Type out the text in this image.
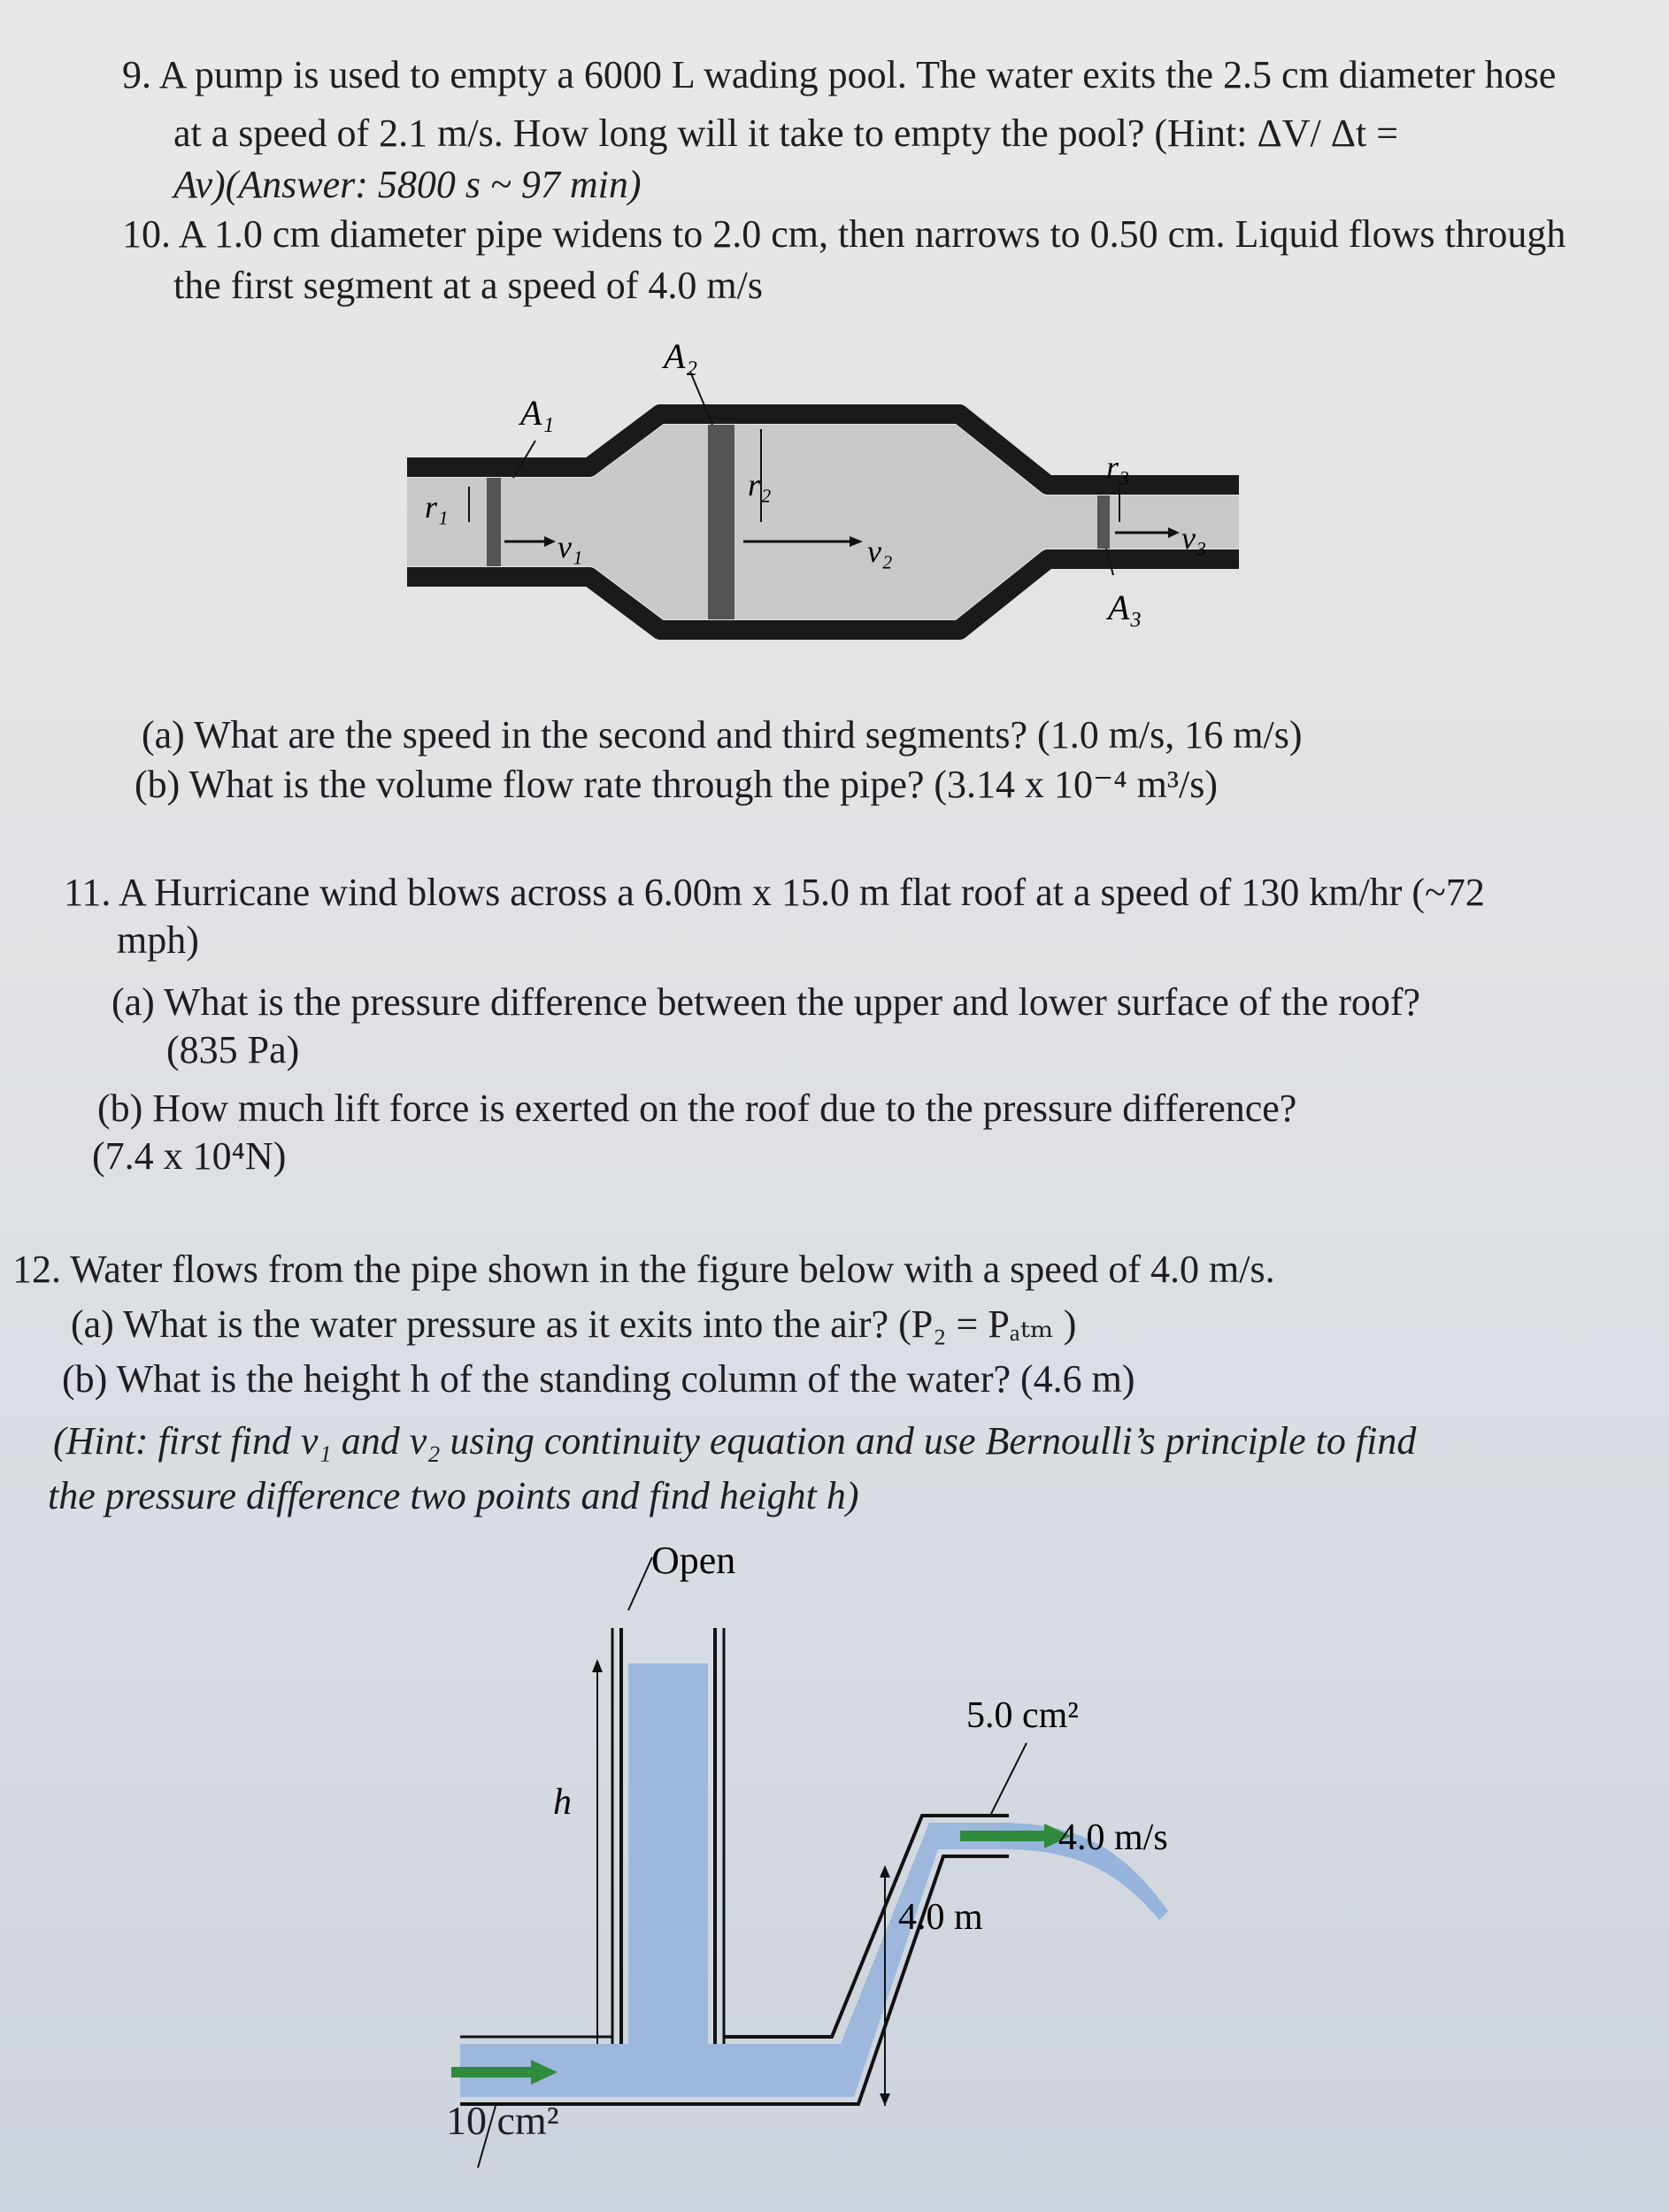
9. A pump is used to empty a 6000 L wading pool. The water exits the 2.5 cm diameter hose
at a speed of 2.1 m/s. How long will it take to empty the pool? (Hint: ΔV/ Δt =
Av)(Answer: 5800 s ~ 97 min)
10. A 1.0 cm diameter pipe widens to 2.0 cm, then narrows to 0.50 cm. Liquid flows through
the first segment at a speed of 4.0 m/s
A₁
A₂
A₃
r₁
r₂	r₃
v₁	v₂	v₃
(a) What are the speed in the second and third segments? (1.0 m/s, 16 m/s)
(b) What is the volume flow rate through the pipe? (3.14 x 10⁻⁴ m³/s)
11. A Hurricane wind blows across a 6.00m x 15.0 m flat roof at a speed of 130 km/hr (~72
mph)
(a) What is the pressure difference between the upper and lower surface of the roof?
(835 Pa)
(b) How much lift force is exerted on the roof due to the pressure difference?
(7.4 x 10⁴N)
12. Water flows from the pipe shown in the figure below with a speed of 4.0 m/s.
(a) What is the water pressure as it exits into the air? (P₂ = Pₐₜₘ )
(b) What is the height h of the standing column of the water? (4.6 m)
(Hint: first find v₁ and v₂ using continuity equation and use Bernoulli’s principle to find
the pressure difference two points and find height h)
Open
5.0 cm²
4.0 m/s
h
4.0 m
10 cm²
